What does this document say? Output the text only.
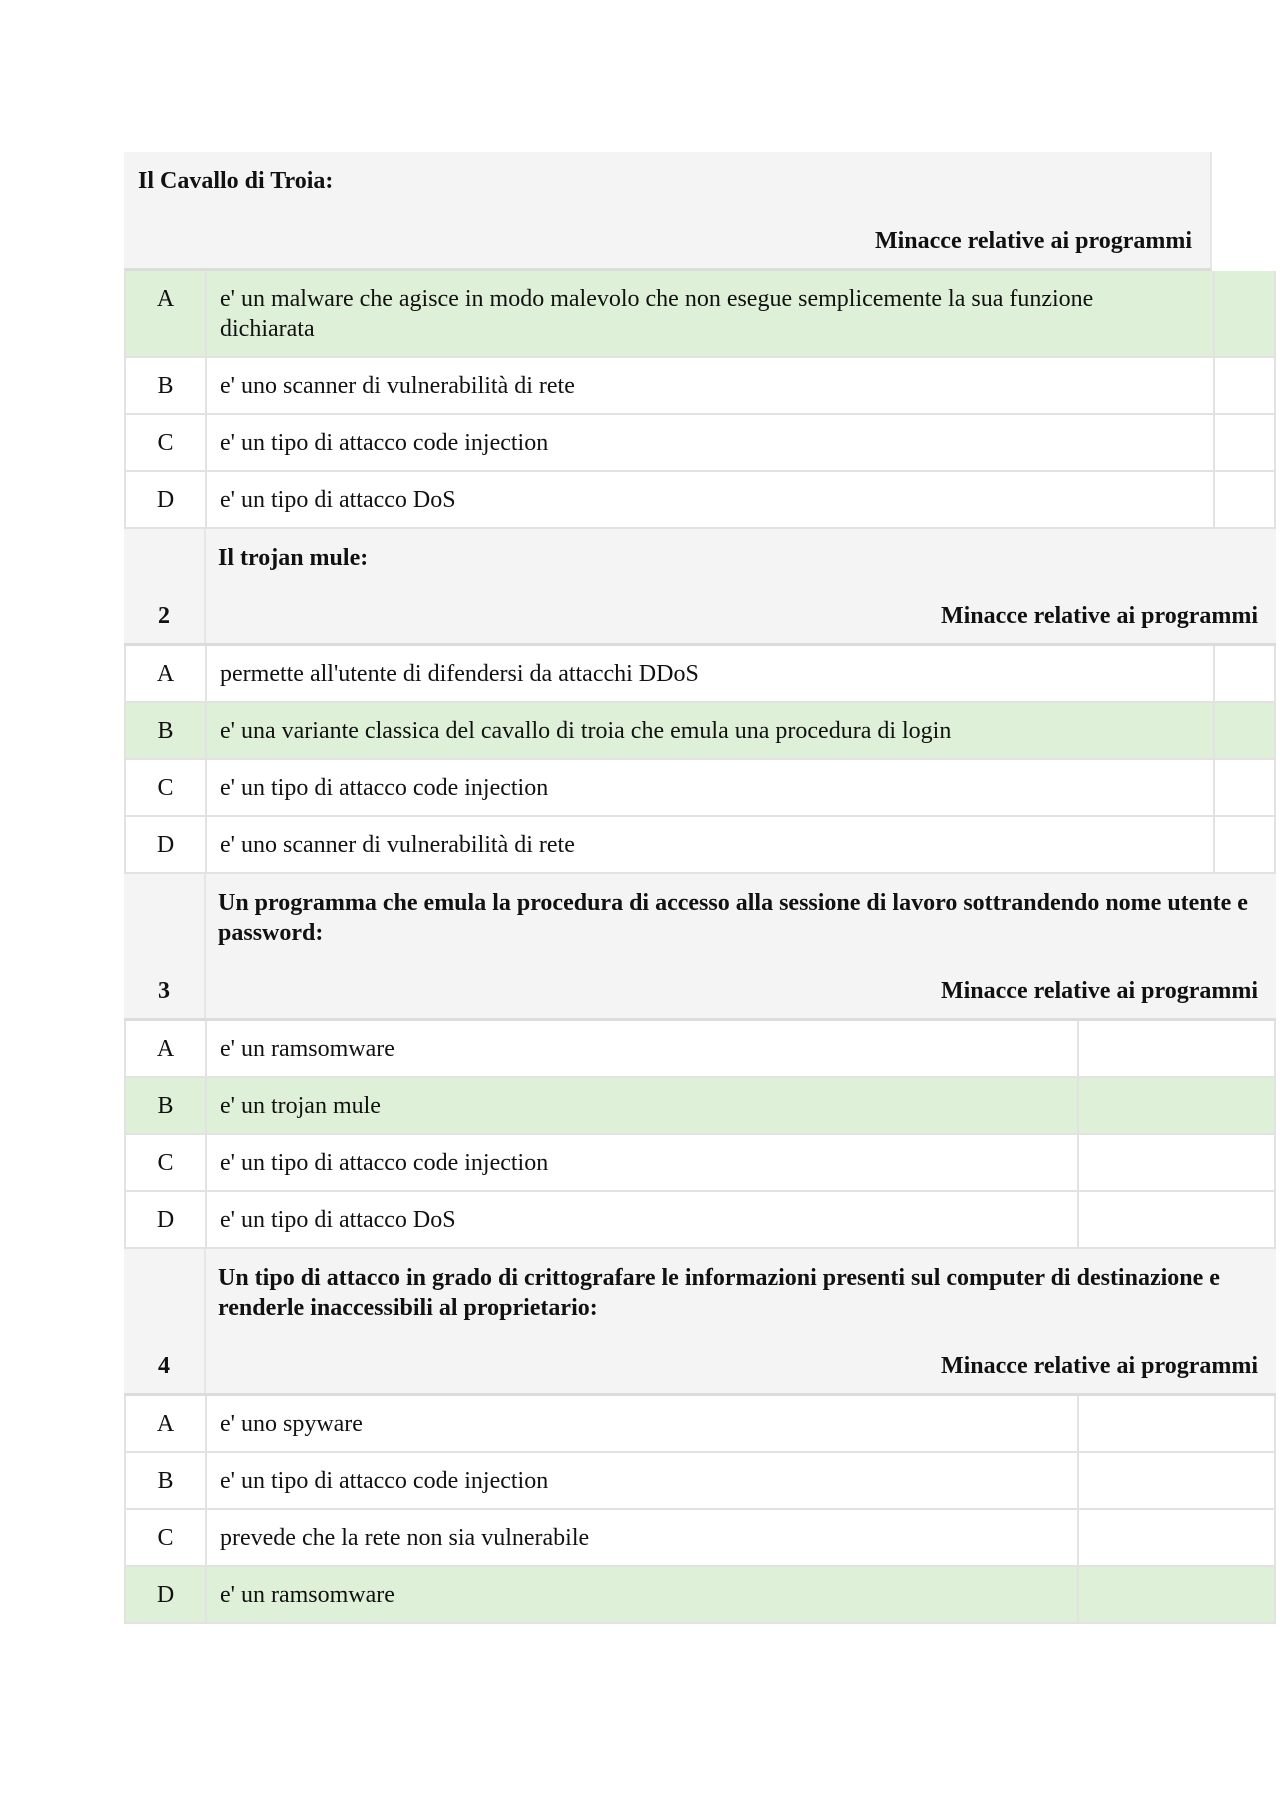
Il Cavallo di Troia:
Minacce relative ai programmi
A	e' un malware che agisce in modo malevolo che non esegue semplicemente la sua funzione dichiarata
B	e' uno scanner di vulnerabilità di rete
C	e' un tipo di attacco code injection
D	e' un tipo di attacco DoS
2
Il trojan mule:
Minacce relative ai programmi
A	permette all'utente di difendersi da attacchi DDoS
B	e' una variante classica del cavallo di troia che emula una procedura di login
C	e' un tipo di attacco code injection
D	e' uno scanner di vulnerabilità di rete
3
Un programma che emula la procedura di accesso alla sessione di lavoro sottrandendo nome utente e password:
Minacce relative ai programmi
A	e' un ramsomware
B	e' un trojan mule
C	e' un tipo di attacco code injection
D	e' un tipo di attacco DoS
4
Un tipo di attacco in grado di crittografare le informazioni presenti sul computer di destinazione e renderle inaccessibili al proprietario:
Minacce relative ai programmi
A	e' uno spyware
B	e' un tipo di attacco code injection
C	prevede che la rete non sia vulnerabile
D	e' un ramsomware
